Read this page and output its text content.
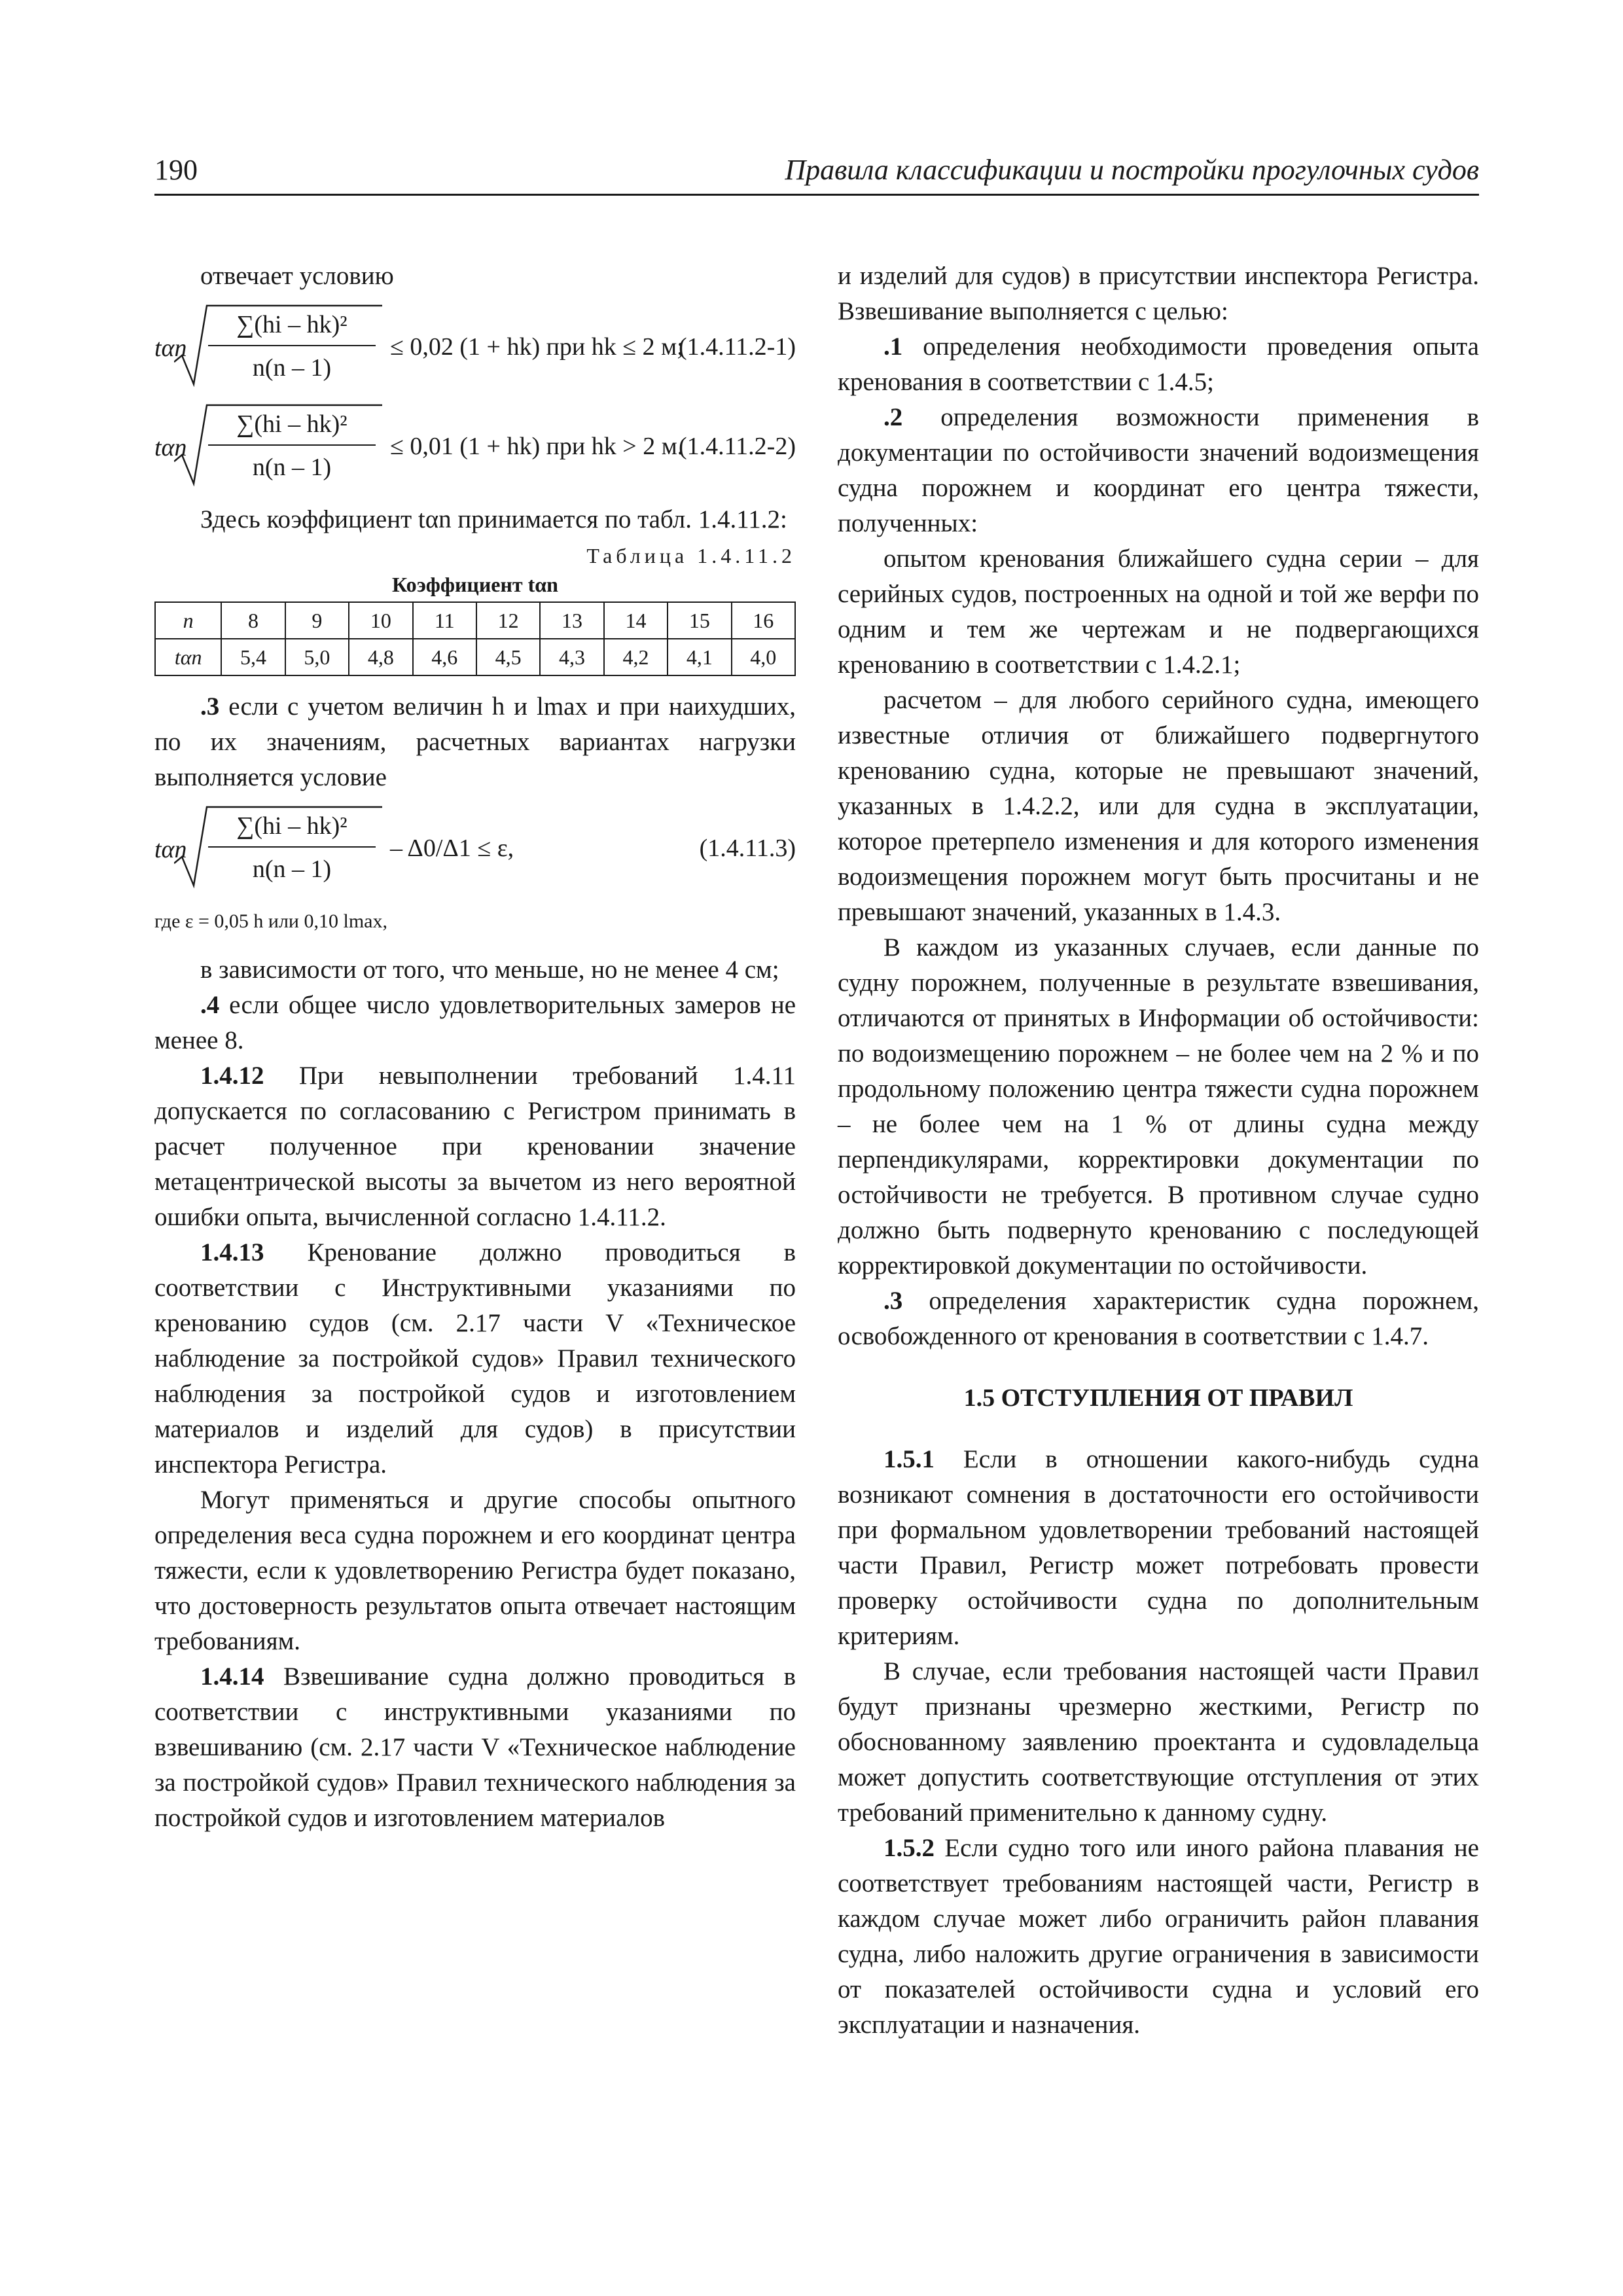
190	Правила классификации и постройки прогулочных судов

отвечает условию

tαn
∑(hi – hk)²
n(n – 1)
≤ 0,02 (1 + hk) при hk ≤ 2 м;
(1.4.11.2-1)
tαn
∑(hi – hk)²
n(n – 1)
≤ 0,01 (1 + hk) при hk > 2 м.
(1.4.11.2-2)

Здесь коэффициент tαn принимается по табл. 1.4.11.2:

Таблица 1.4.11.2
Коэффициент tαn
n	8	9	10	11	12	13	14	15	16
tαn	5,4	5,0	4,8	4,6	4,5	4,3	4,2	4,1	4,0

.3 если с учетом величин h и lmax и при наихудших, по их значениям, расчетных вариантах нагрузки выполняется условие

tαn
∑(hi – hk)²
n(n – 1)
– Δ0/Δ1 ≤ ε,	(1.4.11.3)

где ε = 0,05 h или 0,10 lmax,

в зависимости от того, что меньше, но не менее 4 см;

.4 если общее число удовлетворительных замеров не менее 8.

1.4.12 При невыполнении требований 1.4.11 допускается по согласованию с Регистром принимать в расчет полученное при креновании значение метацентрической высоты за вычетом из него вероятной ошибки опыта, вычисленной согласно 1.4.11.2.

1.4.13 Кренование должно проводиться в соответствии с Инструктивными указаниями по кренованию судов (см. 2.17 части V «Техническое наблюдение за постройкой судов» Правил технического наблюдения за постройкой судов и изготовлением материалов и изделий для судов) в присутствии инспектора Регистра.

Могут применяться и другие способы опытного определения веса судна порожнем и его координат центра тяжести, если к удовлетворению Регистра будет показано, что достоверность результатов опыта отвечает настоящим требованиям.

1.4.14 Взвешивание судна должно проводиться в соответствии с инструктивными указаниями по взвешиванию (см. 2.17 части V «Техническое наблюдение за постройкой судов» Правил технического наблюдения за постройкой судов и изготовлением материалов

и изделий для судов) в присутствии инспектора Регистра. Взвешивание выполняется с целью:

.1 определения необходимости проведения опыта кренования в соответствии с 1.4.5;

.2 определения возможности применения в документации по остойчивости значений водоизмещения судна порожнем и координат его центра тяжести, полученных:

опытом кренования ближайшего судна серии – для серийных судов, построенных на одной и той же верфи по одним и тем же чертежам и не подвергающихся кренованию в соответствии с 1.4.2.1;

расчетом – для любого серийного судна, имеющего известные отличия от ближайшего подвергнутого кренованию судна, которые не превышают значений, указанных в 1.4.2.2, или для судна в эксплуатации, которое претерпело изменения и для которого изменения водоизмещения порожнем могут быть просчитаны и не превышают значений, указанных в 1.4.3.

В каждом из указанных случаев, если данные по судну порожнем, полученные в результате взвешивания, отличаются от принятых в Информации об остойчивости: по водоизмещению порожнем – не более чем на 2 % и по продольному положению центра тяжести судна порожнем – не более чем на 1 % от длины судна между перпендикулярами, корректировки документации по остойчивости не требуется. В противном случае судно должно быть подвернуто кренованию с последующей корректировкой документации по остойчивости.

.3 определения характеристик судна порожнем, освобожденного от кренования в соответствии с 1.4.7.

1.5 ОТСТУПЛЕНИЯ ОТ ПРАВИЛ

1.5.1 Если в отношении какого-нибудь судна возникают сомнения в достаточности его остойчивости при формальном удовлетворении требований настоящей части Правил, Регистр может потребовать провести проверку остойчивости судна по дополнительным критериям.

В случае, если требования настоящей части Правил будут признаны чрезмерно жесткими, Регистр по обоснованному заявлению проектанта и судовладельца может допустить соответствующие отступления от этих требований применительно к данному судну.

1.5.2 Если судно того или иного района плавания не соответствует требованиям настоящей части, Регистр в каждом случае может либо ограничить район плавания судна, либо наложить другие ограничения в зависимости от показателей остойчивости судна и условий его эксплуатации и назначения.
